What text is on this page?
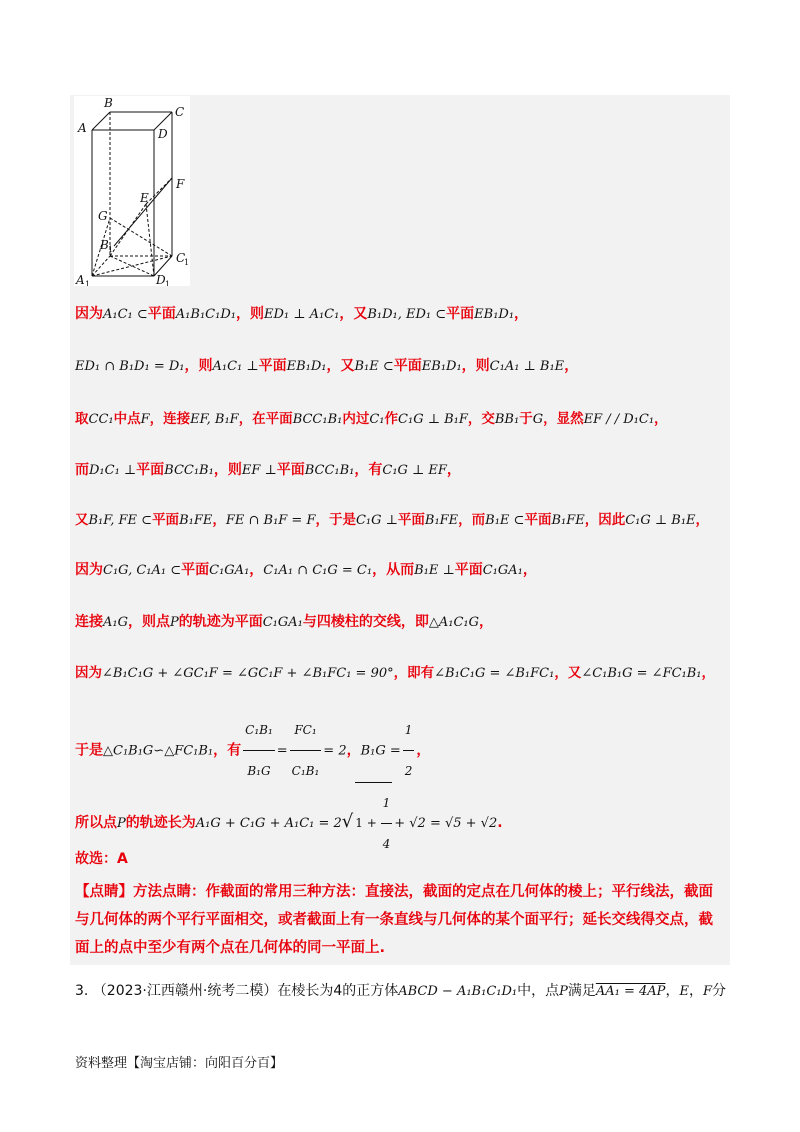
A
B
C
D
E
F
G
B
C
D
A
1
1
1
1
因为A₁C₁ ⊂平面A₁B₁C₁D₁，则ED₁ ⊥ A₁C₁，又B₁D₁, ED₁ ⊂平面EB₁D₁，
ED₁ ∩ B₁D₁ = D₁，则A₁C₁ ⊥平面EB₁D₁，又B₁E ⊂平面EB₁D₁，则C₁A₁ ⊥ B₁E，
取CC₁中点F，连接EF, B₁F，在平面BCC₁B₁内过C₁作C₁G ⊥ B₁F，交BB₁于G，显然EF / / D₁C₁，
而D₁C₁ ⊥平面BCC₁B₁，则EF ⊥平面BCC₁B₁，有C₁G ⊥ EF，
又B₁F, FE ⊂平面B₁FE，FE ∩ B₁F = F，于是C₁G ⊥平面B₁FE，而B₁E ⊂平面B₁FE，因此C₁G ⊥ B₁E，
因为C₁G, C₁A₁ ⊂平面C₁GA₁，C₁A₁ ∩ C₁G = C₁，从而B₁E ⊥平面C₁GA₁，
连接A₁G，则点P的轨迹为平面C₁GA₁与四棱柱的交线，即△A₁C₁G，
因为∠B₁C₁G + ∠GC₁F = ∠GC₁F + ∠B₁FC₁ = 90°，即有∠B₁C₁G = ∠B₁FC₁，又∠C₁B₁G = ∠FC₁B₁，
于是△C₁B₁G∽△FC₁B₁，有 $\frac{\text{C₁B₁}}{\text{B₁G}} = \frac{\text{FC₁}}{\text{C₁B₁}} = 2$，$B_1G = \frac{1}{2}$ ，
所以点P的轨迹长为A₁G + C₁G + A₁C₁ = 2√ $1 + \frac{1}{4} + √2 = √5 + √2$.
故选：A
【点睛】方法点睛：作截面的常用三种方法：直接法，截面的定点在几何体的棱上；平行线法，截面与几何体的两个平行平面相交，或者截面上有一条直线与几何体的某个面平行；延长交线得交点，截面上的点中至少有两个点在几何体的同一平面上.
3. （2023·江西赣州·统考二模）在棱长为4的正方体ABCD − A₁B₁C₁D₁中，点P满足AA₁ = 4AP，E，F分
资料整理【淘宝店铺：向阳百分百】
